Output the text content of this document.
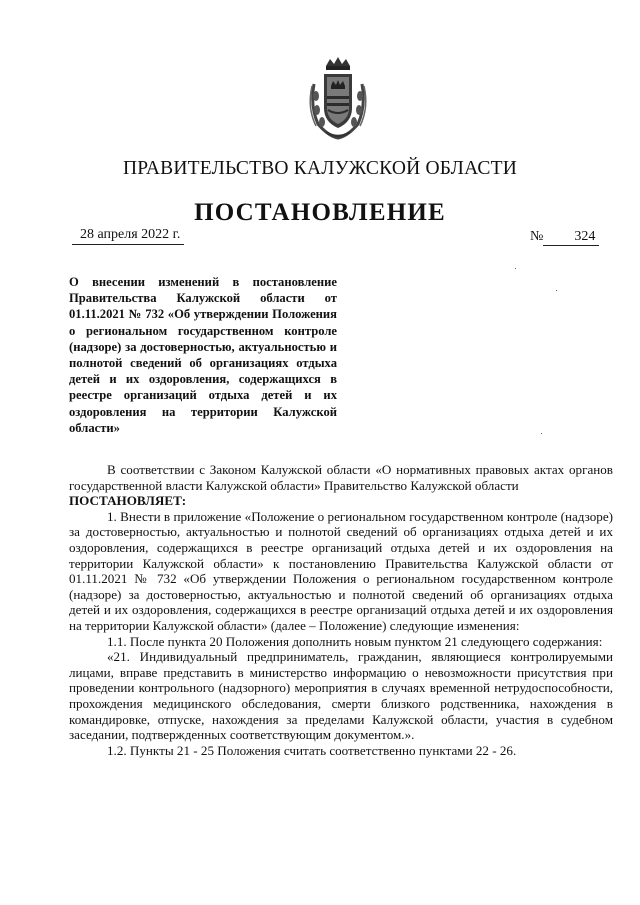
ПРАВИТЕЛЬСТВО КАЛУЖСКОЙ ОБЛАСТИ
ПОСТАНОВЛЕНИЕ
28 апреля 2022 г.	№ 324
О внесении изменений в постановление Правительства Калужской области от 01.11.2021 № 732 «Об утверждении Положения о региональном государственном контроле (надзоре) за достоверностью, актуальностью и полнотой сведений об организациях отдыха детей и их оздоровления, содержащихся в реестре организаций отдыха детей и их оздоровления на территории Калужской области»

В соответствии с Законом Калужской области «О нормативных правовых актах органов государственной власти Калужской области» Правительство Калужской области

ПОСТАНОВЛЯЕТ:

1. Внести в приложение «Положение о региональном государственном контроле (надзоре) за достоверностью, актуальностью и полнотой сведений об организациях отдыха детей и их оздоровления, содержащихся в реестре организаций отдыха детей и их оздоровления на территории Калужской области» к постановлению Правительства Калужской области от 01.11.2021 № 732 «Об утверждении Положения о региональном государственном контроле (надзоре) за достоверностью, актуальностью и полнотой сведений об организациях отдыха детей и их оздоровления, содержащихся в реестре организаций отдыха детей и их оздоровления на территории Калужской области» (далее – Положение) следующие изменения:

1.1. После пункта 20 Положения дополнить новым пунктом 21 следующего содержания:

«21. Индивидуальный предприниматель, гражданин, являющиеся контролируемыми лицами, вправе представить в министерство информацию о невозможности присутствия при проведении контрольного (надзорного) мероприятия в случаях временной нетрудоспособности, прохождения медицинского обследования, смерти близкого родственника, нахождения в командировке, отпуске, нахождения за пределами Калужской области, участия в судебном заседании, подтвержденных соответствующим документом.».

1.2. Пункты 21 - 25 Положения считать соответственно пунктами 22 - 26.
